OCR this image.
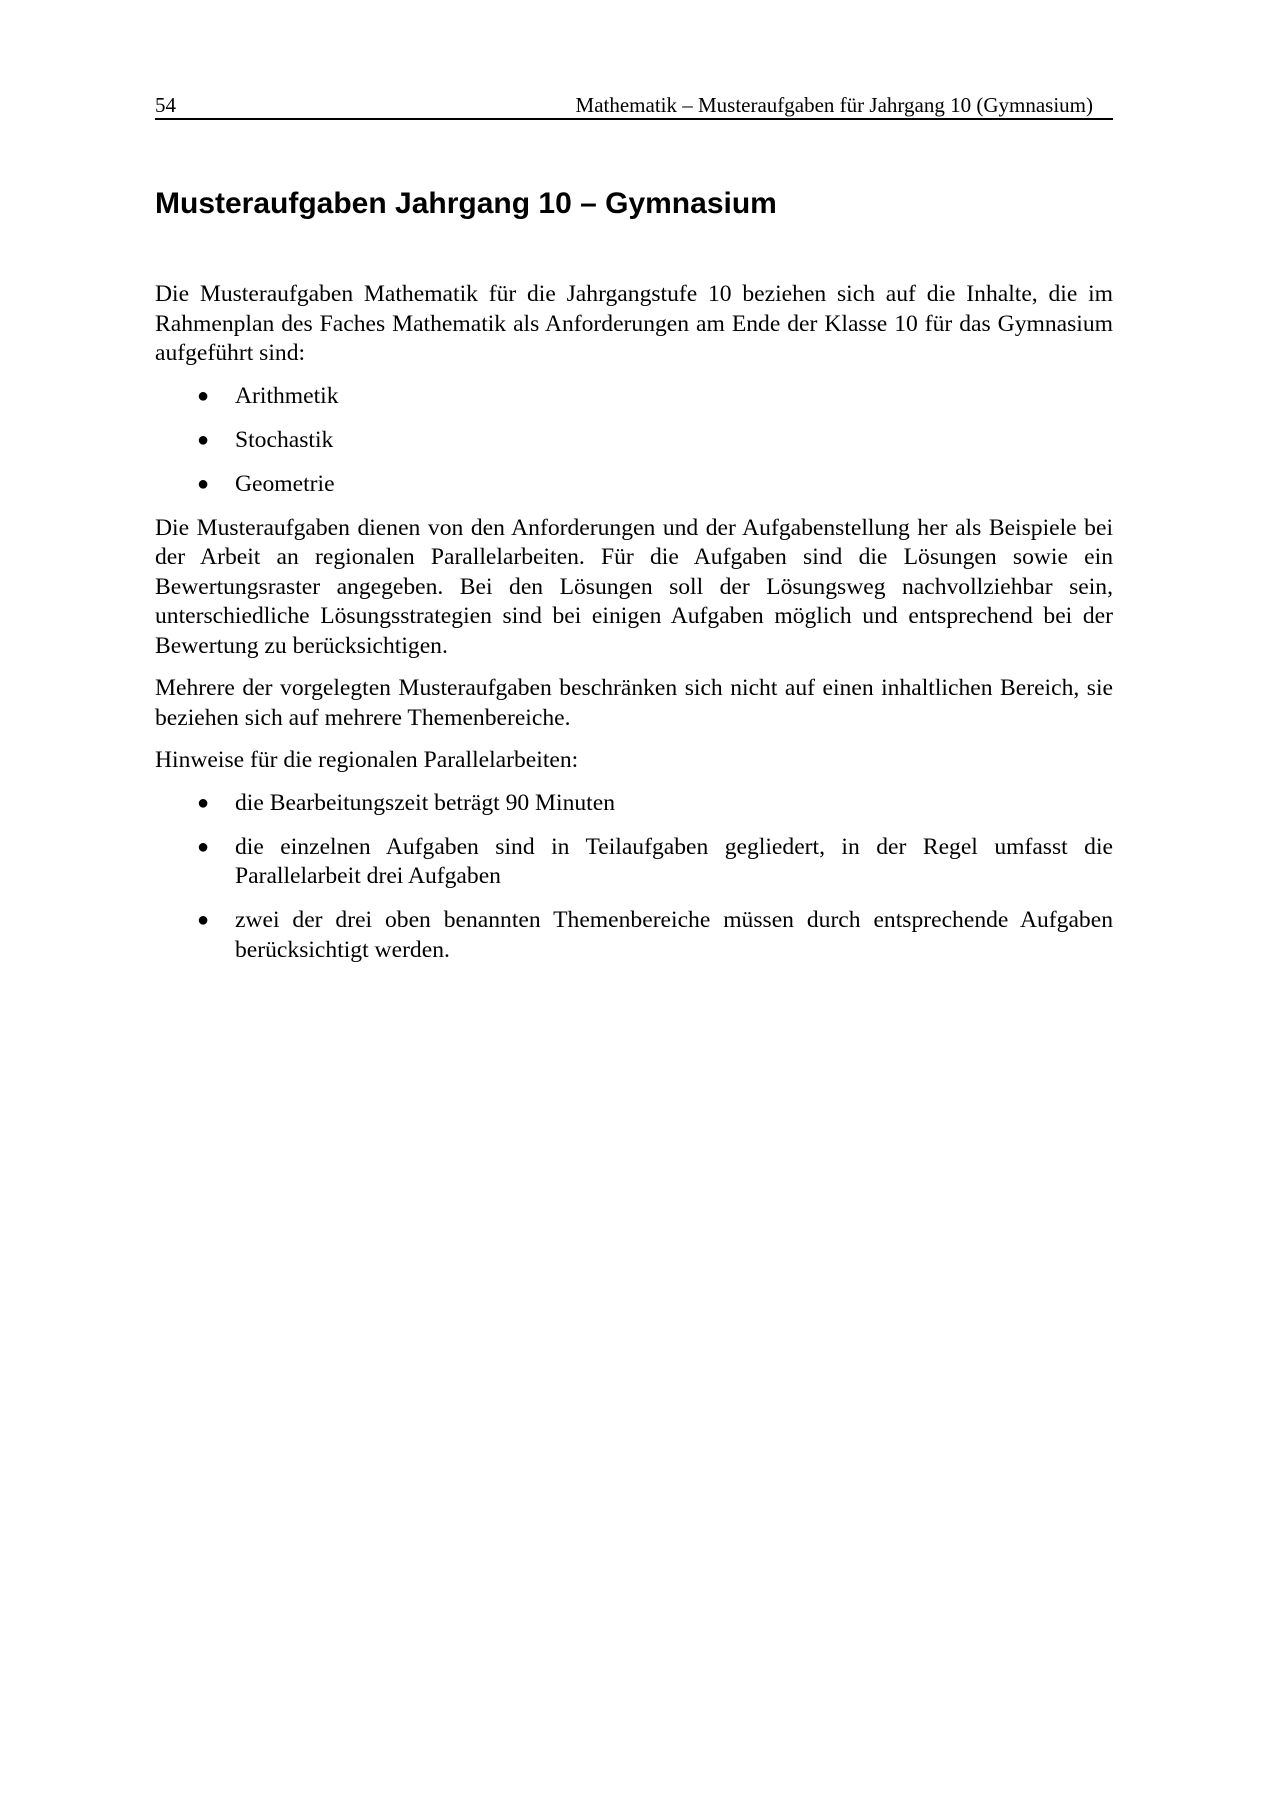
54	Mathematik – Musteraufgaben für Jahrgang 10 (Gymnasium)
Musteraufgaben Jahrgang 10 – Gymnasium

Die Musteraufgaben Mathematik für die Jahrgangstufe 10 beziehen sich auf die Inhalte, die im Rahmenplan des Faches Mathematik als Anforderungen am Ende der Klasse 10 für das Gymnasium aufgeführt sind:

● Arithmetik
● Stochastik
● Geometrie

Die Musteraufgaben dienen von den Anforderungen und der Aufgabenstellung her als Beispiele bei der Arbeit an regionalen Parallelarbeiten. Für die Aufgaben sind die Lösungen sowie ein Bewertungsraster angegeben. Bei den Lösungen soll der Lösungsweg nachvollziehbar sein, unterschiedliche Lösungsstrategien sind bei einigen Aufgaben möglich und entsprechend bei der Bewertung zu berücksichtigen.

Mehrere der vorgelegten Musteraufgaben beschränken sich nicht auf einen inhaltlichen Bereich, sie beziehen sich auf mehrere Themenbereiche.

Hinweise für die regionalen Parallelarbeiten:

● die Bearbeitungszeit beträgt 90 Minuten
● die einzelnen Aufgaben sind in Teilaufgaben gegliedert, in der Regel umfasst die Parallelarbeit drei Aufgaben
● zwei der drei oben benannten Themenbereiche müssen durch entsprechende Aufgaben berücksichtigt werden.
